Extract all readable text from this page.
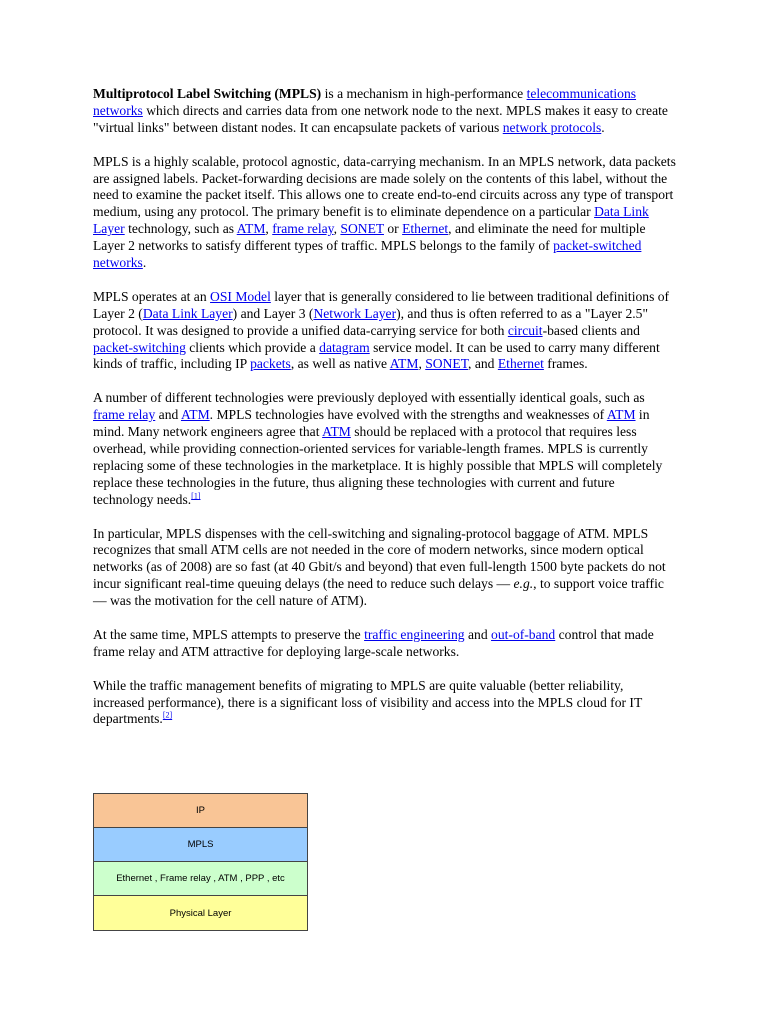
Multiprotocol Label Switching (MPLS) is a mechanism in high-performance telecommunications networks which directs and carries data from one network node to the next. MPLS makes it easy to create "virtual links" between distant nodes. It can encapsulate packets of various network protocols.

MPLS is a highly scalable, protocol agnostic, data-carrying mechanism. In an MPLS network, data packets are assigned labels. Packet-forwarding decisions are made solely on the contents of this label, without the need to examine the packet itself. This allows one to create end-to-end circuits across any type of transport medium, using any protocol. The primary benefit is to eliminate dependence on a particular Data Link Layer technology, such as ATM, frame relay, SONET or Ethernet, and eliminate the need for multiple Layer 2 networks to satisfy different types of traffic. MPLS belongs to the family of packet-switched networks.

MPLS operates at an OSI Model layer that is generally considered to lie between traditional definitions of Layer 2 (Data Link Layer) and Layer 3 (Network Layer), and thus is often referred to as a "Layer 2.5" protocol. It was designed to provide a unified data-carrying service for both circuit-based clients and packet-switching clients which provide a datagram service model. It can be used to carry many different kinds of traffic, including IP packets, as well as native ATM, SONET, and Ethernet frames.

A number of different technologies were previously deployed with essentially identical goals, such as frame relay and ATM. MPLS technologies have evolved with the strengths and weaknesses of ATM in mind. Many network engineers agree that ATM should be replaced with a protocol that requires less overhead, while providing connection-oriented services for variable-length frames. MPLS is currently replacing some of these technologies in the marketplace. It is highly possible that MPLS will completely replace these technologies in the future, thus aligning these technologies with current and future technology needs.[1]

In particular, MPLS dispenses with the cell-switching and signaling-protocol baggage of ATM. MPLS recognizes that small ATM cells are not needed in the core of modern networks, since modern optical networks (as of 2008) are so fast (at 40 Gbit/s and beyond) that even full-length 1500 byte packets do not incur significant real-time queuing delays (the need to reduce such delays — e.g., to support voice traffic — was the motivation for the cell nature of ATM).

At the same time, MPLS attempts to preserve the traffic engineering and out-of-band control that made frame relay and ATM attractive for deploying large-scale networks.

While the traffic management benefits of migrating to MPLS are quite valuable (better reliability, increased performance), there is a significant loss of visibility and access into the MPLS cloud for IT departments.[2]

IP
MPLS
Ethernet , Frame relay , ATM , PPP , etc
Physical Layer
